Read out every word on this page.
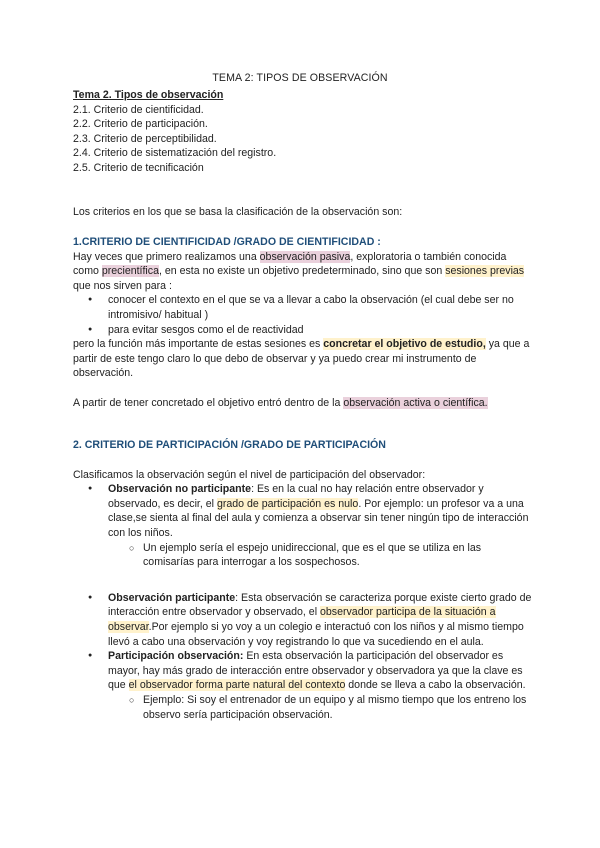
TEMA 2: TIPOS DE OBSERVACIÓN
Tema 2. Tipos de observación
2.1. Criterio de cientificidad.
2.2. Criterio de participación.
2.3. Criterio de perceptibilidad.
2.4. Criterio de sistematización del registro.
2.5. Criterio de tecnificación
Los criterios en los que se basa la clasificación de la observación son:
1.CRITERIO DE CIENTIFICIDAD /GRADO DE CIENTIFICIDAD :

Hay veces que primero realizamos una observación pasiva, exploratoria o también conocida como precientífica, en esta no existe un objetivo predeterminado, sino que son sesiones previas que nos sirven para :

● conocer el contexto en el que se va a llevar a cabo la observación (el cual debe ser no intromisivo/ habitual )
● para evitar sesgos como el de reactividad

pero la función más importante de estas sesiones es concretar el objetivo de estudio, ya que a partir de este tengo claro lo que debo de observar y ya puedo crear mi instrumento de observación.

A partir de tener concretado el objetivo entró dentro de la observación activa o científica.

2. CRITERIO DE PARTICIPACIÓN /GRADO DE PARTICIPACIÓN

Clasificamos la observación según el nivel de participación del observador:

● Observación no participante: Es en la cual no hay relación entre observador y observado, es decir, el grado de participación es nulo. Por ejemplo: un profesor va a una clase,se sienta al final del aula y comienza a observar sin tener ningún tipo de interacción con los niños.
○ Un ejemplo sería el espejo unidireccional, que es el que se utiliza en las comisarías para interrogar a los sospechosos.
● Observación participante: Esta observación se caracteriza porque existe cierto grado de interacción entre observador y observado, el observador participa de la situación a observar.Por ejemplo si yo voy a un colegio e interactuó con los niños y al mismo tiempo llevó a cabo una observación y voy registrando lo que va sucediendo en el aula.
● Participación observación: En esta observación la participación del observador es mayor, hay más grado de interacción entre observador y observadora ya que la clave es que el observador forma parte natural del contexto donde se lleva a cabo la observación.
○ Ejemplo: Si soy el entrenador de un equipo y al mismo tiempo que los entreno los observo sería participación observación.
